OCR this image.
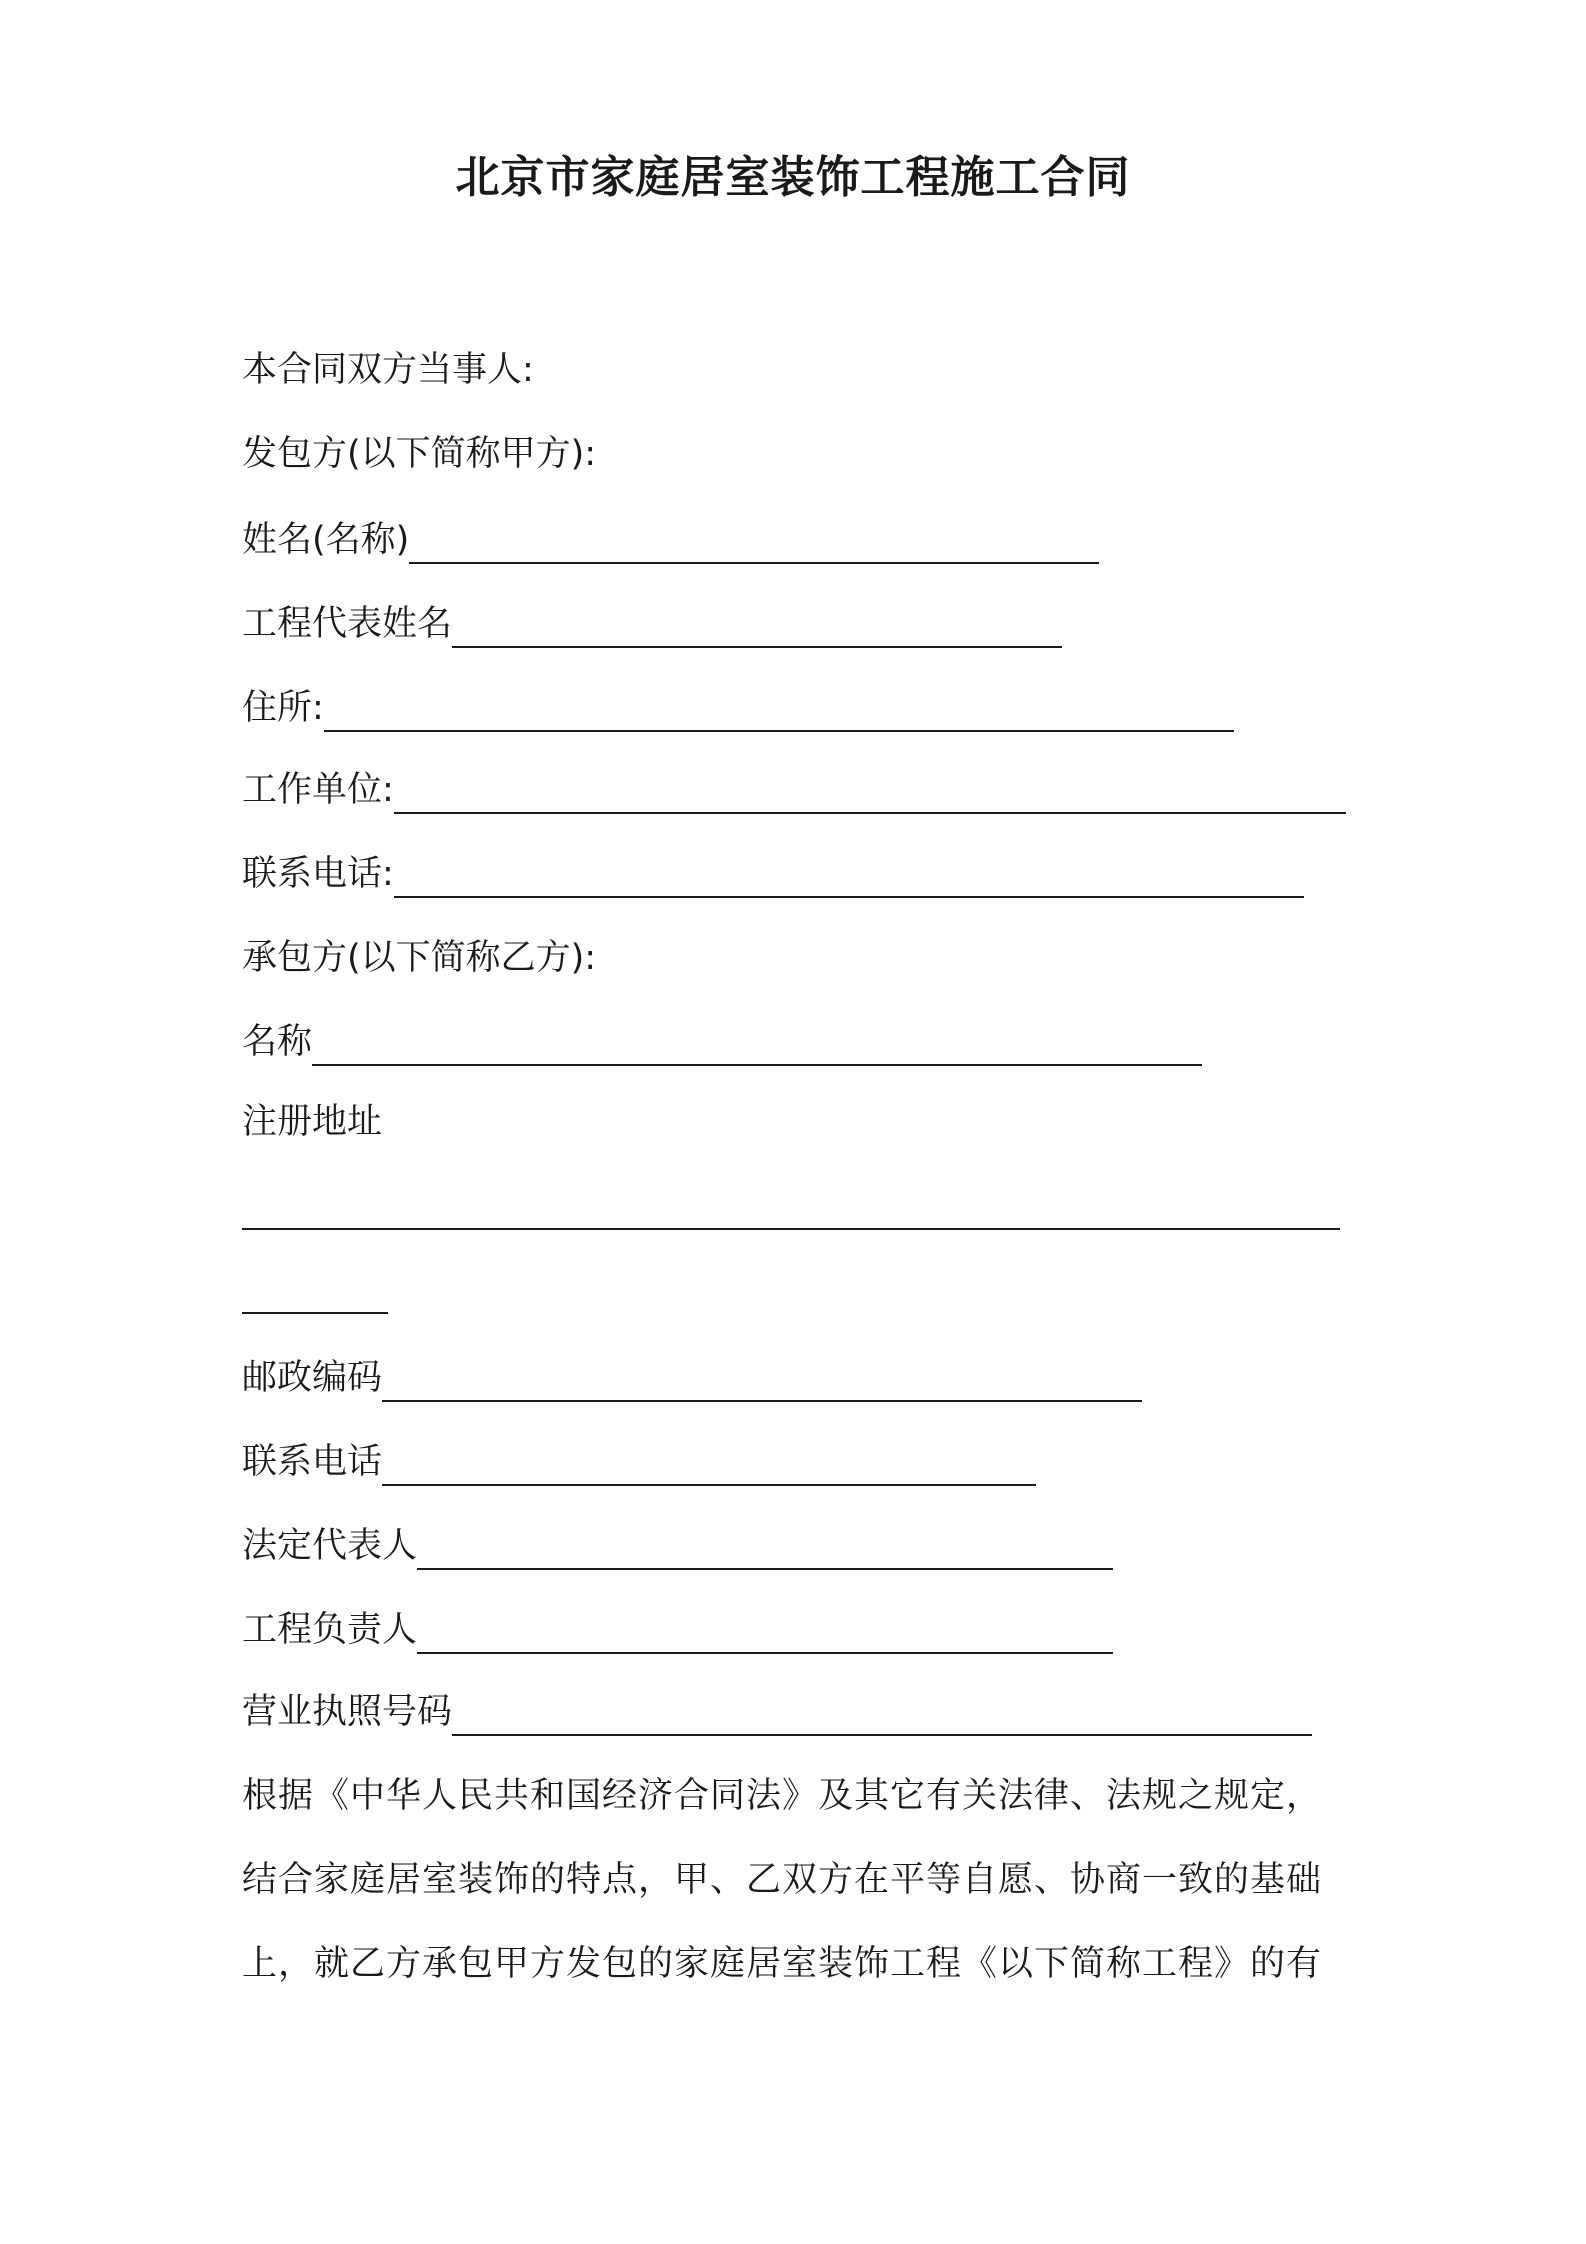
北京市家庭居室装饰工程施工合同
本合同双方当事人:
发包方(以下简称甲方):
姓名(名称)
工程代表姓名
住所:
工作单位:
联系电话:
承包方(以下简称乙方):
名称
注册地址
邮政编码
联系电话
法定代表人
工程负责人
营业执照号码
根据《中华人民共和国经济合同法》及其它有关法律、法规之规定，
结合家庭居室装饰的特点，甲、乙双方在平等自愿、协商一致的基础
上，就乙方承包甲方发包的家庭居室装饰工程《以下简称工程》的有
